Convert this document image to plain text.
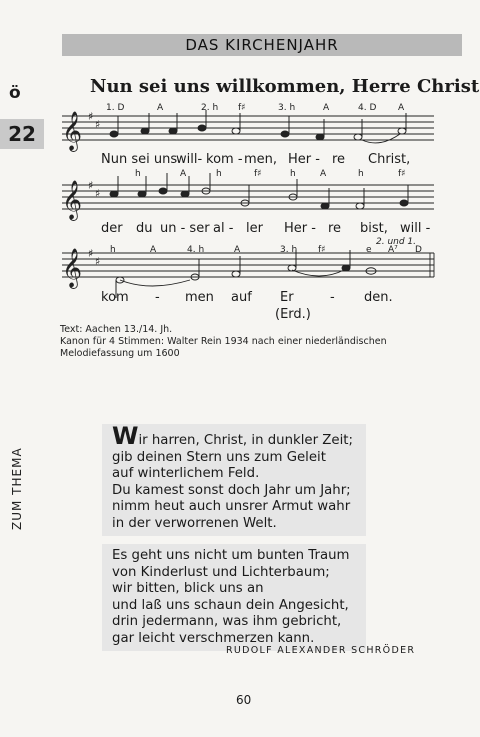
DAS KIRCHENJAHR
ö
22
Nun sei uns willkommen, Herre Christ
𝄞
𝄞
𝄞
♯
♯
♯
♯
♯
♯
1. D	A	2. h f♯	3. h	A	4. D A
h	A	h	f♯	h	A	h	f♯
h	A	4. h	A	3. h f♯	e A⁷ D
2. und 1.
Nun sei uns
will- kom - men, Her - re Christ,
der du un - ser al - ler Her - re bist, will -
kom - men auf Er	- den.
(Erd.)
Text: Aachen 13./14. Jh.
Kanon für 4 Stimmen: Walter Rein 1934 nach einer niederländischen
Melodiefassung um 1600
ZUM THEMA
Wir harren, Christ, in dunkler Zeit;
gib deinen Stern uns zum Geleit
auf winterlichem Feld.
Du kamest sonst doch Jahr um Jahr;
nimm heut auch unsrer Armut wahr
in der verworrenen Welt.
Es geht uns nicht um bunten Traum
von Kinderlust und Lichterbaum;
wir bitten, blick uns an
und laß uns schaun dein Angesicht,
drin jedermann, was ihm gebricht,
gar leicht verschmerzen kann.
RUDOLF ALEXANDER SCHRÖDER
60
